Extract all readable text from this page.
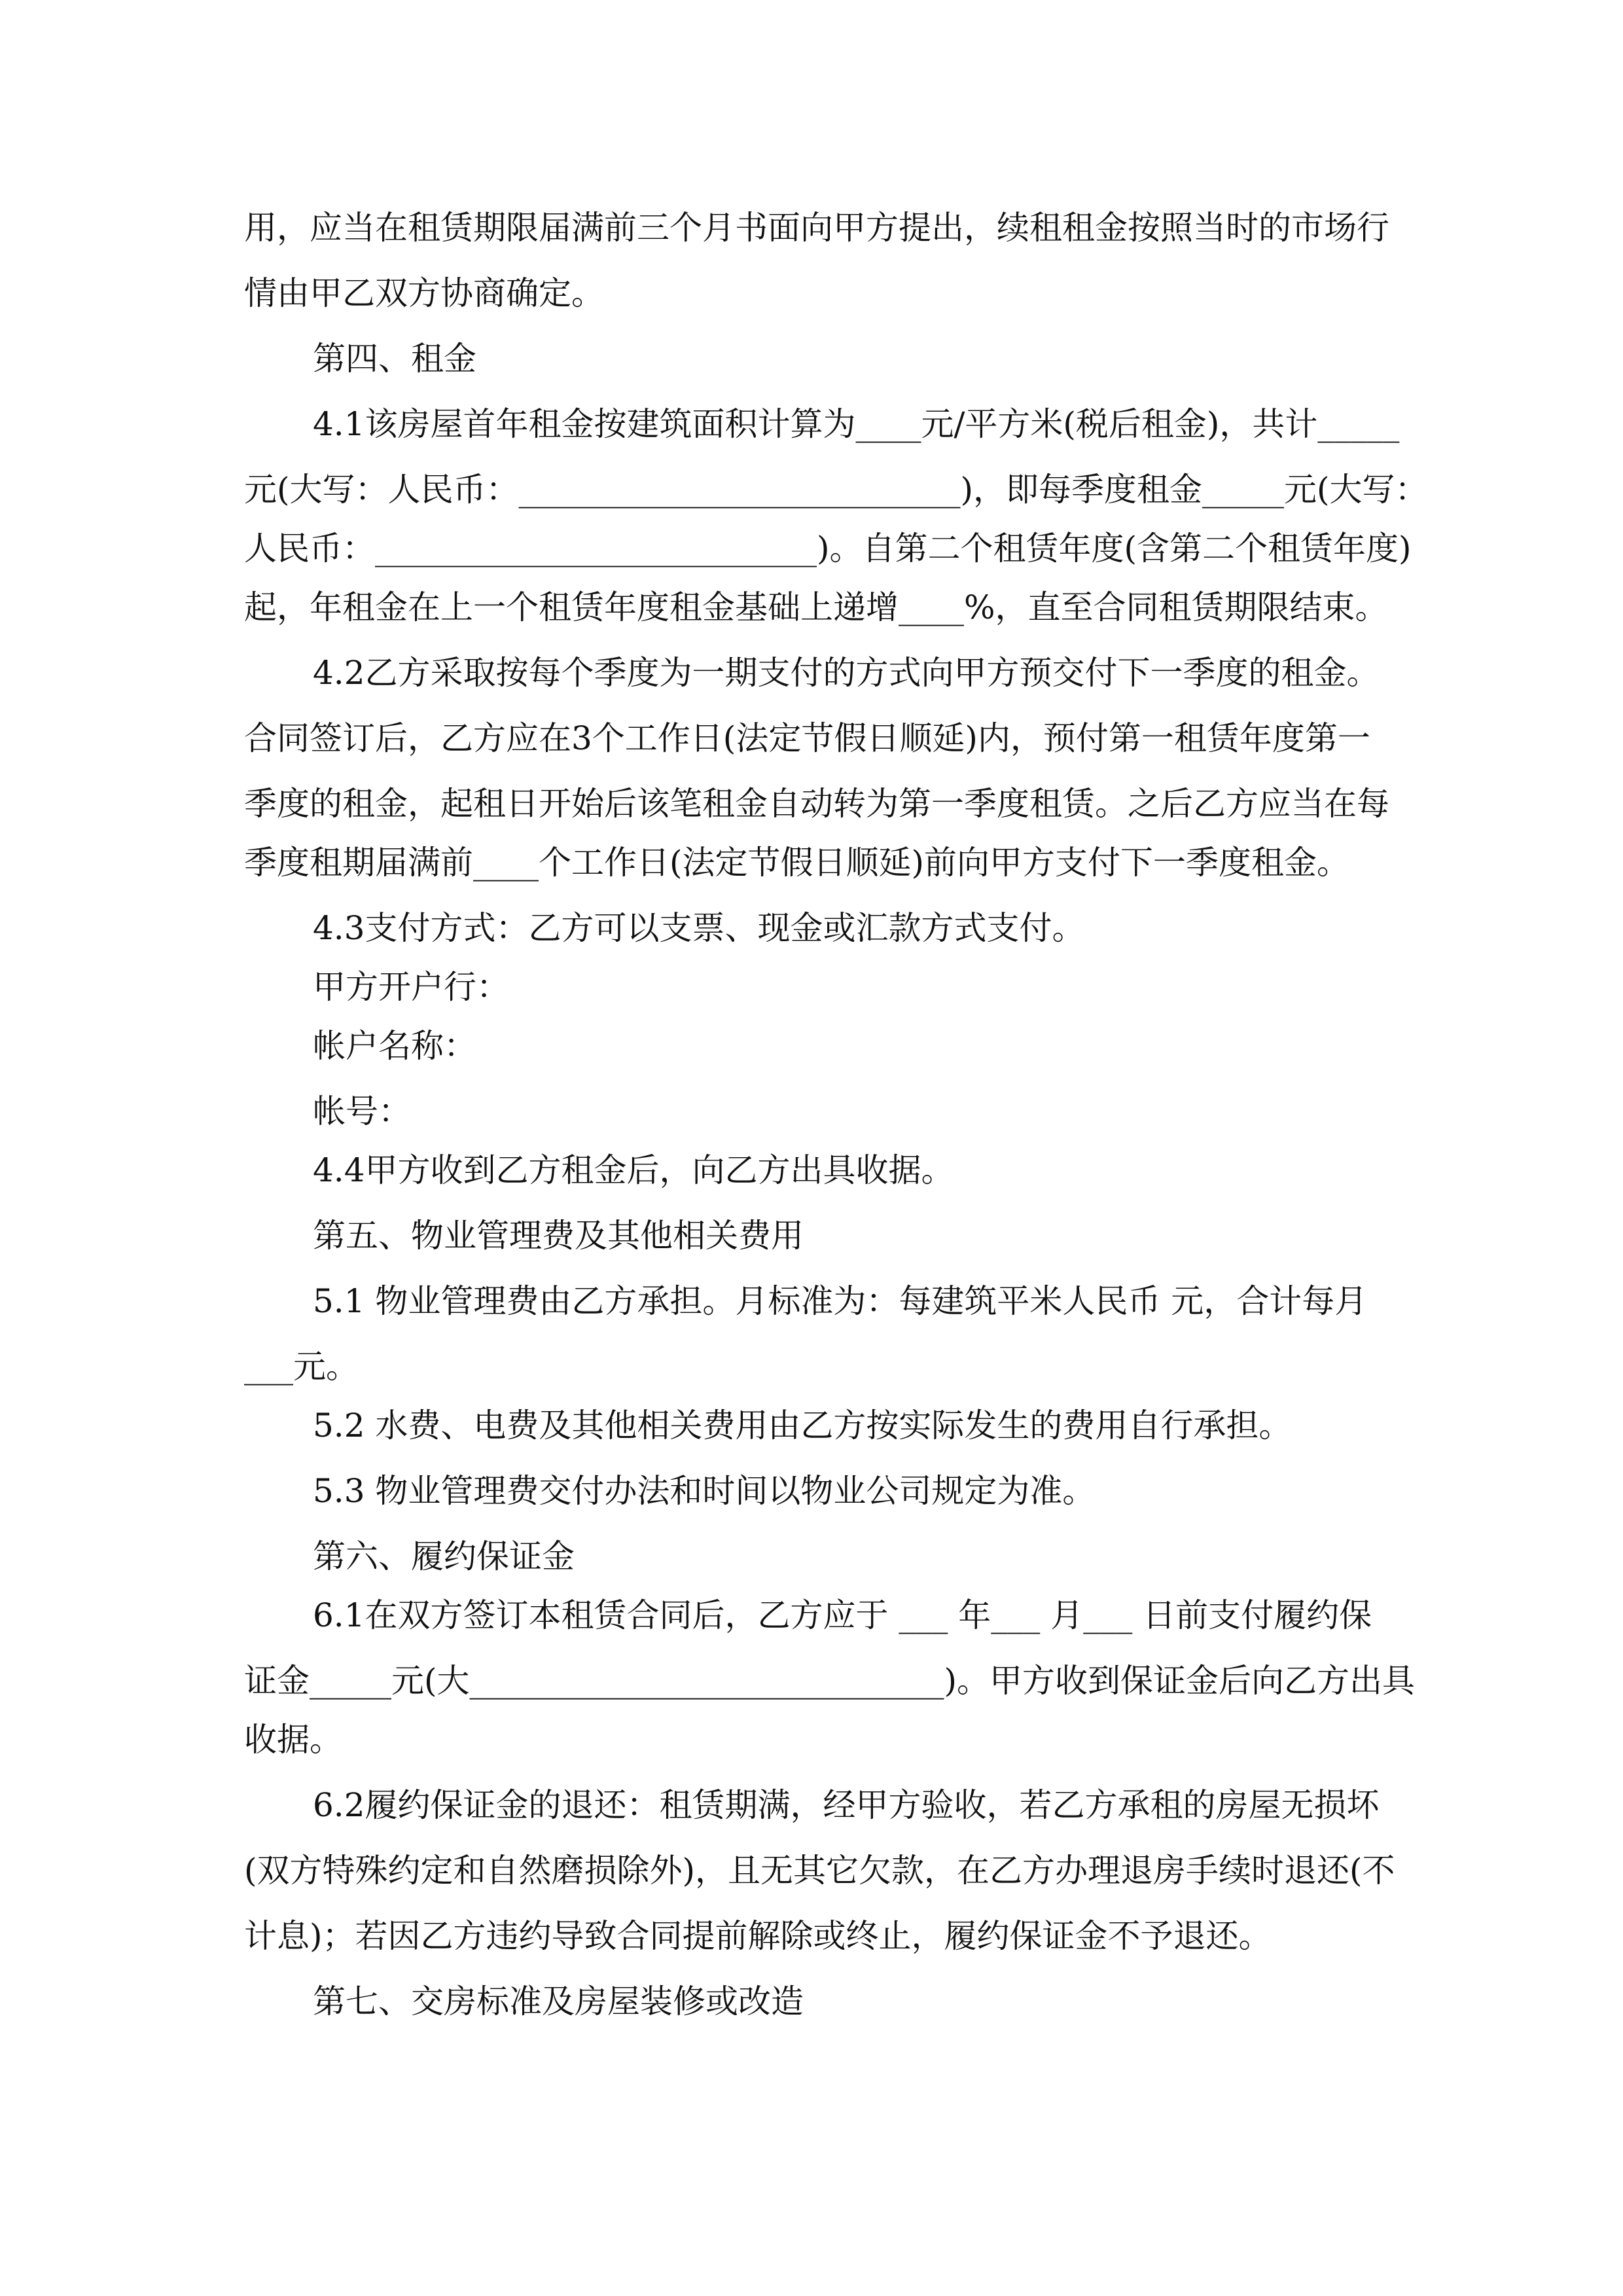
用，应当在租赁期限届满前三个月书面向甲方提出，续租租金按照当时的市场行
情由甲乙双方协商确定。
第四、租金
4.1该房屋首年租金按建筑面积计算为____元/平方米(税后租金)，共计_____
元(大写：人民币：___________________________)，即每季度租金_____元(大写：
人民币：___________________________)。自第二个租赁年度(含第二个租赁年度)
起，年租金在上一个租赁年度租金基础上递增____%，直至合同租赁期限结束。
4.2乙方采取按每个季度为一期支付的方式向甲方预交付下一季度的租金。
合同签订后，乙方应在3个工作日(法定节假日顺延)内，预付第一租赁年度第一
季度的租金，起租日开始后该笔租金自动转为第一季度租赁。之后乙方应当在每
季度租期届满前____个工作日(法定节假日顺延)前向甲方支付下一季度租金。
4.3支付方式：乙方可以支票、现金或汇款方式支付。
甲方开户行：
帐户名称：
帐号：
4.4甲方收到乙方租金后，向乙方出具收据。
第五、物业管理费及其他相关费用
5.1 物业管理费由乙方承担。月标准为：每建筑平米人民币 元，合计每月
___元。
5.2 水费、电费及其他相关费用由乙方按实际发生的费用自行承担。
5.3 物业管理费交付办法和时间以物业公司规定为准。
第六、履约保证金
6.1在双方签订本租赁合同后，乙方应于 ___ 年___ 月___ 日前支付履约保
证金_____元(大_____________________________)。甲方收到保证金后向乙方出具
收据。
6.2履约保证金的退还：租赁期满，经甲方验收，若乙方承租的房屋无损坏
(双方特殊约定和自然磨损除外)，且无其它欠款，在乙方办理退房手续时退还(不
计息)；若因乙方违约导致合同提前解除或终止，履约保证金不予退还。
第七、交房标准及房屋装修或改造
